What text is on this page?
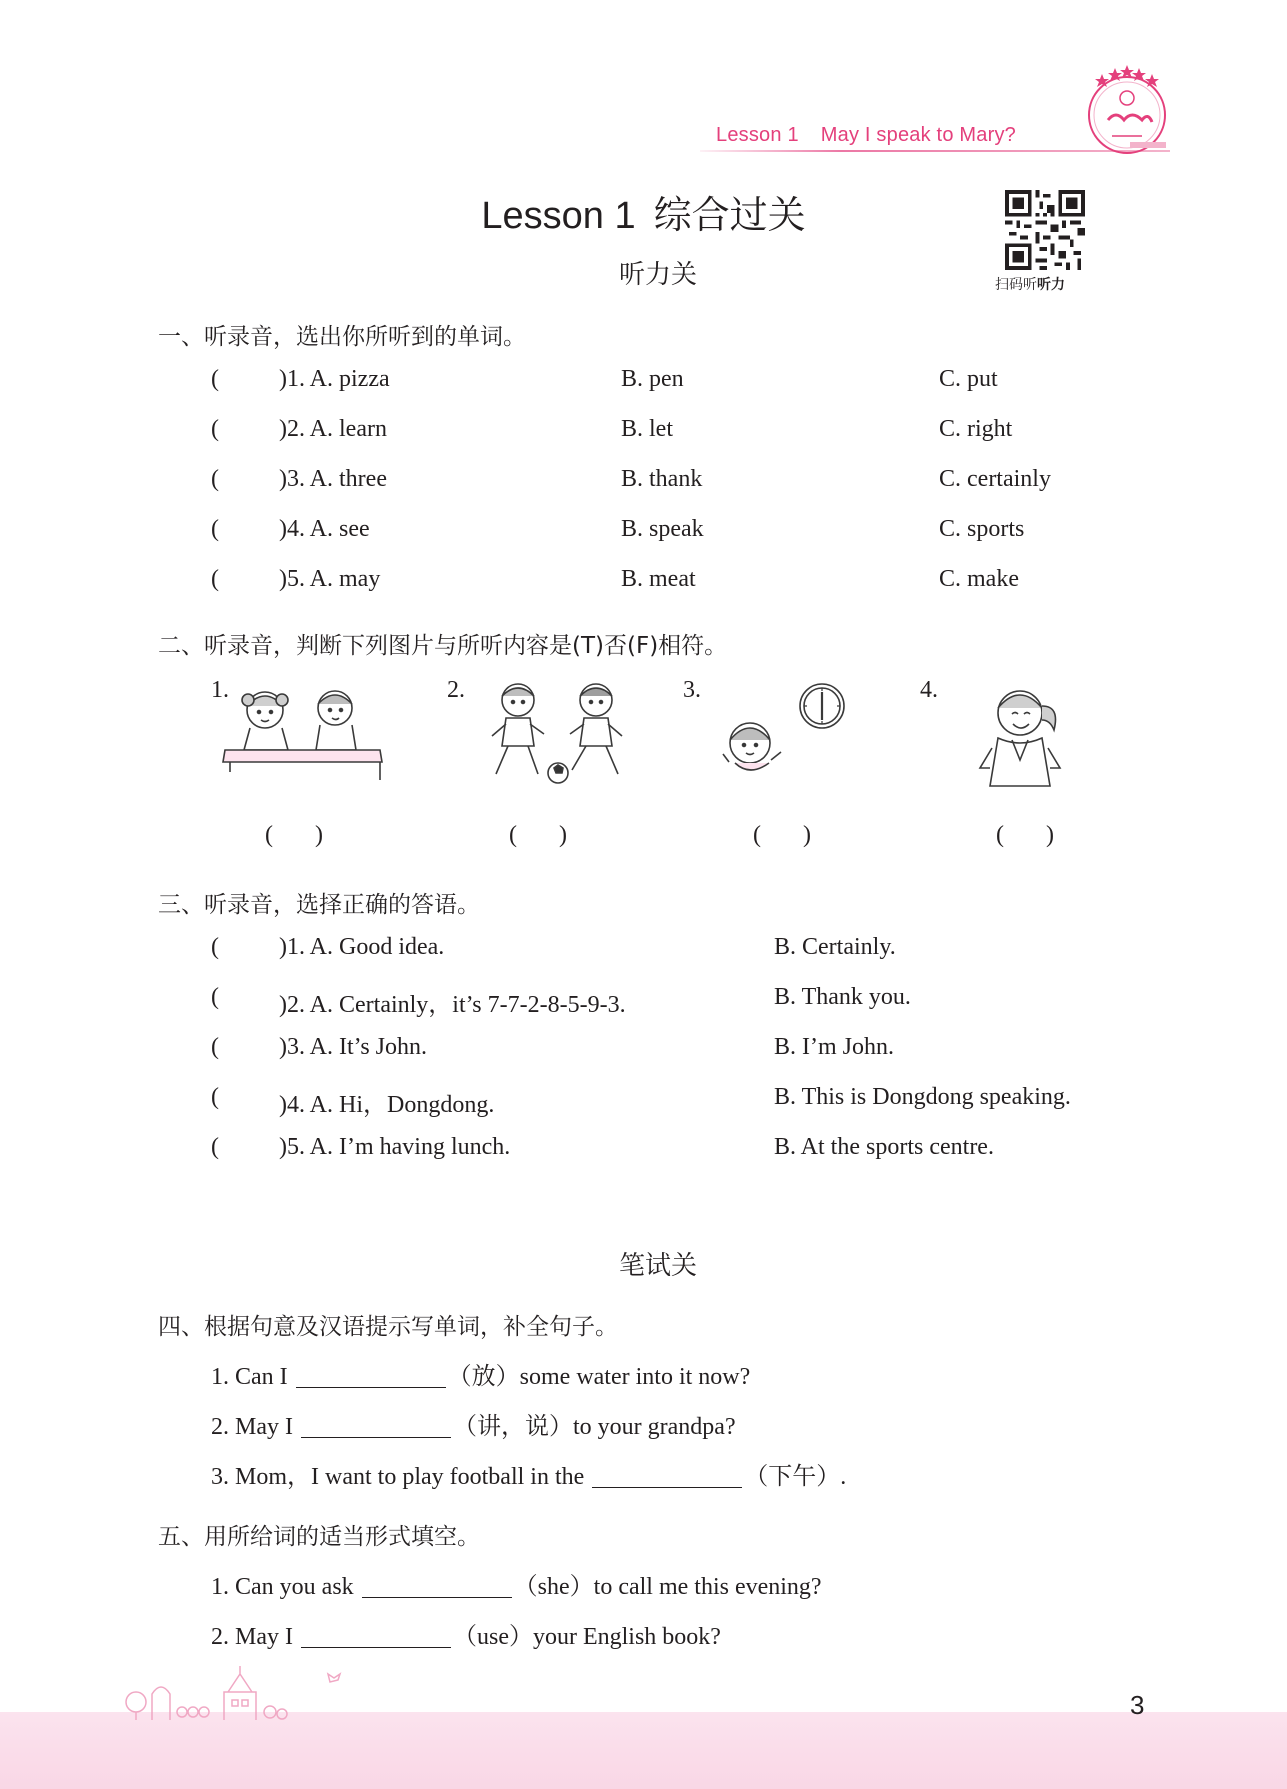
Lesson 1 May I speak to Mary?
Lesson 1 综合过关
扫码听听力
听力关
一、听录音，选出你所听到的单词。
(	)1. A. pizza	B. pen	C. put
(	)2. A. learn	B. let	C. right
(	)3. A. three	B. thank	C. certainly
(	)4. A. see	B. speak	C. sports
(	)5. A. may	B. meat	C. make
二、听录音，判断下列图片与所听内容是(T)否(F)相符。
1.	2.	3.	4.
( )	( )	( )	( )
三、听录音，选择正确的答语。
(	)1. A. Good idea.	B. Certainly.
(	)2. A. Certainly，it’s 7-7-2-8-5-9-3.	B. Thank you.
(	)3. A. It’s John.	B. I’m John.
(	)4. A. Hi，Dongdong.	B. This is Dongdong speaking.
(	)5. A. I’m having lunch.	B. At the sports centre.
笔试关
四、根据句意及汉语提示写单词，补全句子。
1. Can I	（放）some water into it now?
2. May I	（讲，说）to your grandpa?
3. Mom，I want to play football in the	（下午）.
五、用所给词的适当形式填空。
1. Can you ask	（she）to call me this evening?
2. May I	（use）your English book?
3
